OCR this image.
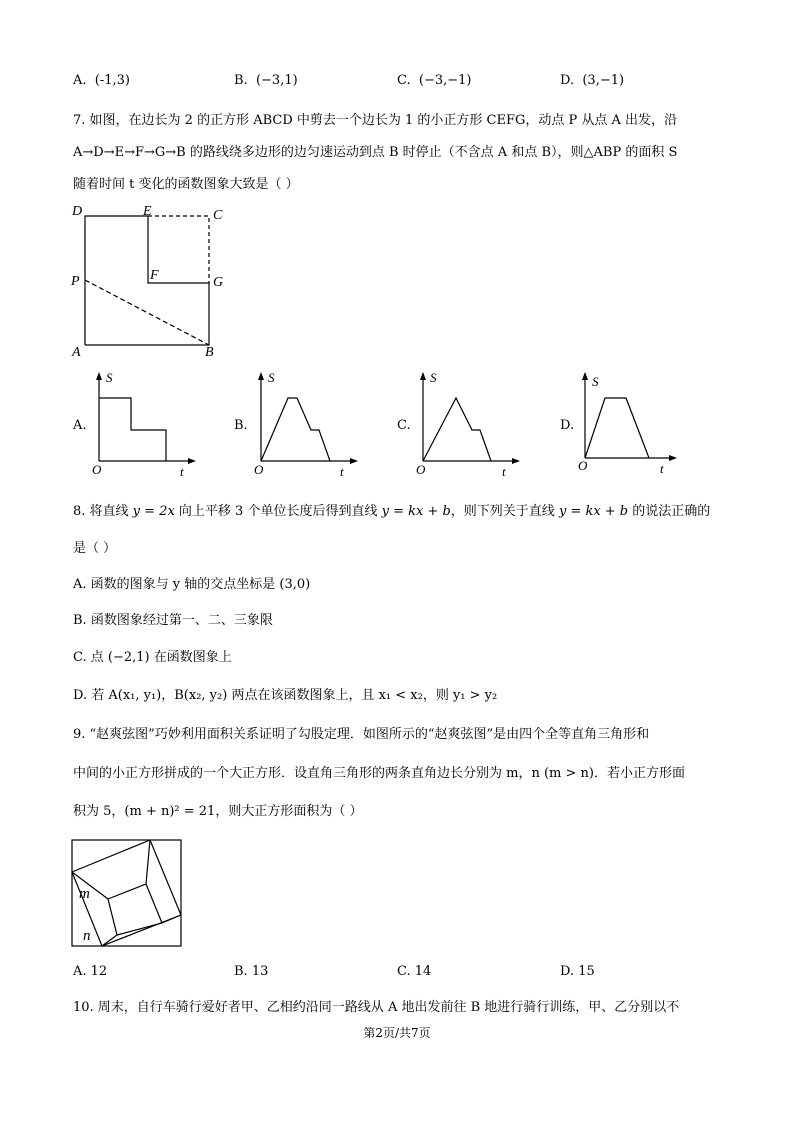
A. (-1,3)	B. (−3,1)	C. (−3,−1)	D. (3,−1)
7. 如图，在边长为 2 的正方形 ABCD 中剪去一个边长为 1 的小正方形 CEFG，动点 P 从点 A 出发，沿
A→D→E→F→G→B 的路线绕多边形的边匀速运动到点 B 时停止（不含点 A 和点 B），则△ABP 的面积 S
随着时间 t 变化的函数图象大致是（ ）
D	E	C
P	F	G
A	B
A.
S
O	t
B.
S
O	t
C.
S
O	t
D.
S
O	t
8. 将直线 y = 2x 向上平移 3 个单位长度后得到直线 y = kx + b，则下列关于直线 y = kx + b 的说法正确的
是（ ）
A. 函数的图象与 y 轴的交点坐标是 (3,0)
B. 函数图象经过第一、二、三象限
C. 点 (−2,1) 在函数图象上
D. 若 A(x₁, y₁)，B(x₂, y₂) 两点在该函数图象上，且 x₁ < x₂，则 y₁ > y₂
9. “赵爽弦图”巧妙利用面积关系证明了勾股定理．如图所示的“赵爽弦图”是由四个全等直角三角形和
中间的小正方形拼成的一个大正方形．设直角三角形的两条直角边长分别为 m，n (m > n)．若小正方形面
积为 5，(m + n)² = 21，则大正方形面积为（ ）
m
n
A. 12	B. 13	C. 14	D. 15
10. 周末，自行车骑行爱好者甲、乙相约沿同一路线从 A 地出发前往 B 地进行骑行训练，甲、乙分别以不
第2页/共7页
